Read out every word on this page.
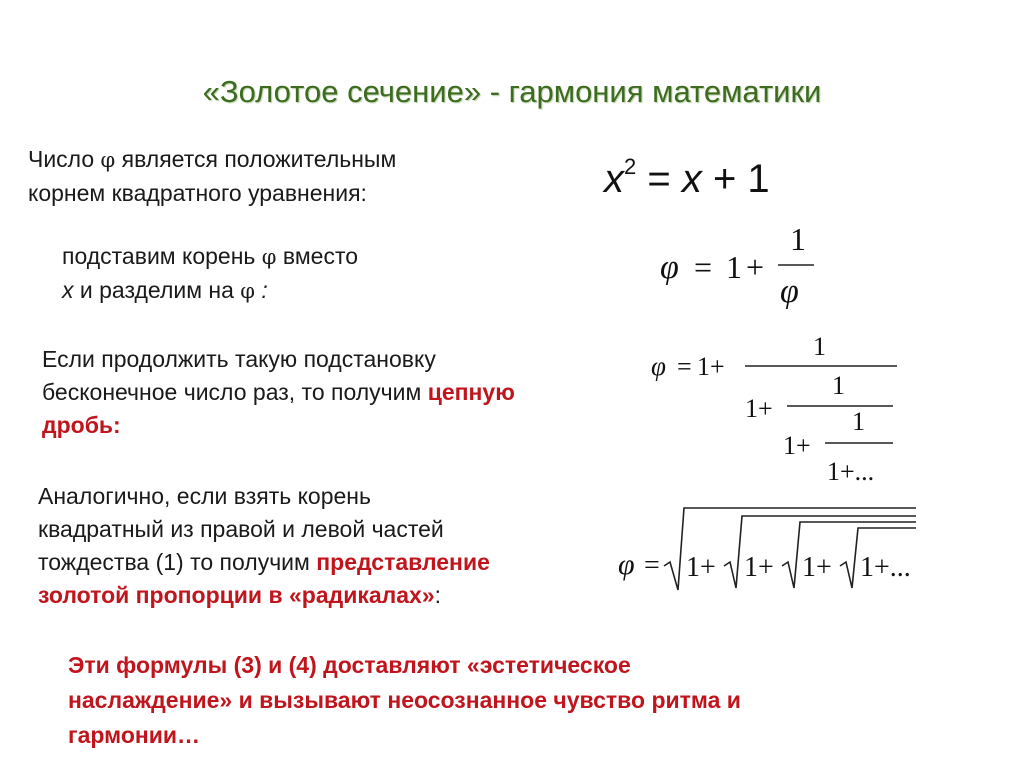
«Золотое сечение» - гармония математики
Число φ является положительным
корнем квадратного уравнения:	$x^2 = x + 1$
подставим корень φ вместо
x и разделим на φ :
φ = 1 +
1
φ
Если продолжить такую подстановку
бесконечное число раз, то получим цепную
дробь:
φ = 1+
1
1+
1
1+
1
1+...
Аналогично, если взять корень
квадратный из правой и левой частей
тождества (1) то получим представление
золотой пропорции в «радикалах»:
φ = 1+ 1+ 1+ 1+...
Эти формулы (3) и (4) доставляют «эстетическое
наслаждение» и вызывают неосознанное чувство ритма и
гармонии…
